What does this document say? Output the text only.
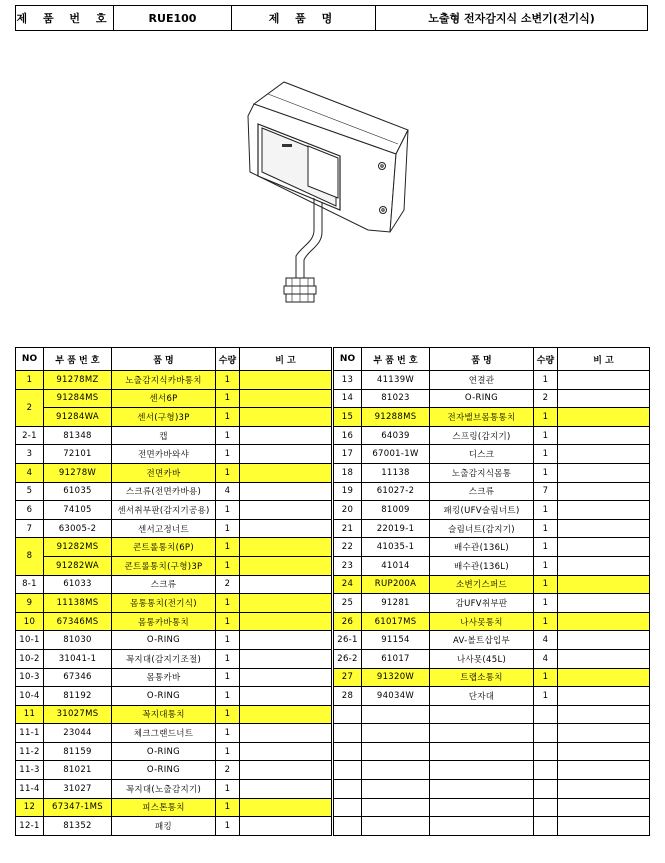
제 품 번 호	RUE100	제 품 명	노출형 전자감지식 소변기(전기식)
NO	부 품 번 호	품 명	수량	비 고
1	91278MZ	노출감지식카바통치	1	
2	91284MS	센서6P	1	
	91284WA	센서(구형)3P	1	
2-1	81348	캡	1	
3	72101	전면카바와샤	1	
4	91278W	전면카바	1	
5	61035	스크류(전면카바용)	4	
6	74105	센서취부판(감지기공용)	1	
7	63005-2	센서고정너트	1	
8	91282MS	콘트롤통치(6P)	1	
	91282WA	콘트롤통치(구형)3P	1	
8-1	61033	스크류	2	
9	11138MS	몸통통치(전기식)	1	
10	67346MS	몸통카바통치	1	
10-1	81030	O-RING	1	
10-2	31041-1	꼭지대(감지기조절)	1	
10-3	67346	몸통카바	1	
10-4	81192	O-RING	1	
11	31027MS	꼭지대통치	1	
11-1	23044	체크그랜드너트	1	
11-2	81159	O-RING	1	
11-3	81021	O-RING	2	
11-4	31027	꼭지대(노출감지기)	1	
12	67347-1MS	피스톤통치	1	
12-1	81352	패킹	1	
NO	부 품 번 호	품 명	수량	비 고
13	41139W	연결관	1	
14	81023	O-RING	2	
15	91288MS	전자밸브몸통통치	1	
16	64039	스프링(감지기)	1	
17	67001-1W	디스크	1	
18	11138	노출감지식몸통	1	
19	61027-2	스크류	7	
20	81009	패킹(UFV슬림너트)	1	
21	22019-1	슬림너트(감지기)	1	
22	41035-1	배수관(136L)	1	
23	41014	배수관(136L)	1	
24	RUP200A	소변기스퍼드	1	
25	91281	감UFV취부판	1	
26	61017MS	나사못통치	1	
26-1	91154	AV-볼트삽입부	4	
26-2	61017	나사못(45L)	4	
27	91320W	트랩소통치	1	
28	94034W	단자대	1	
